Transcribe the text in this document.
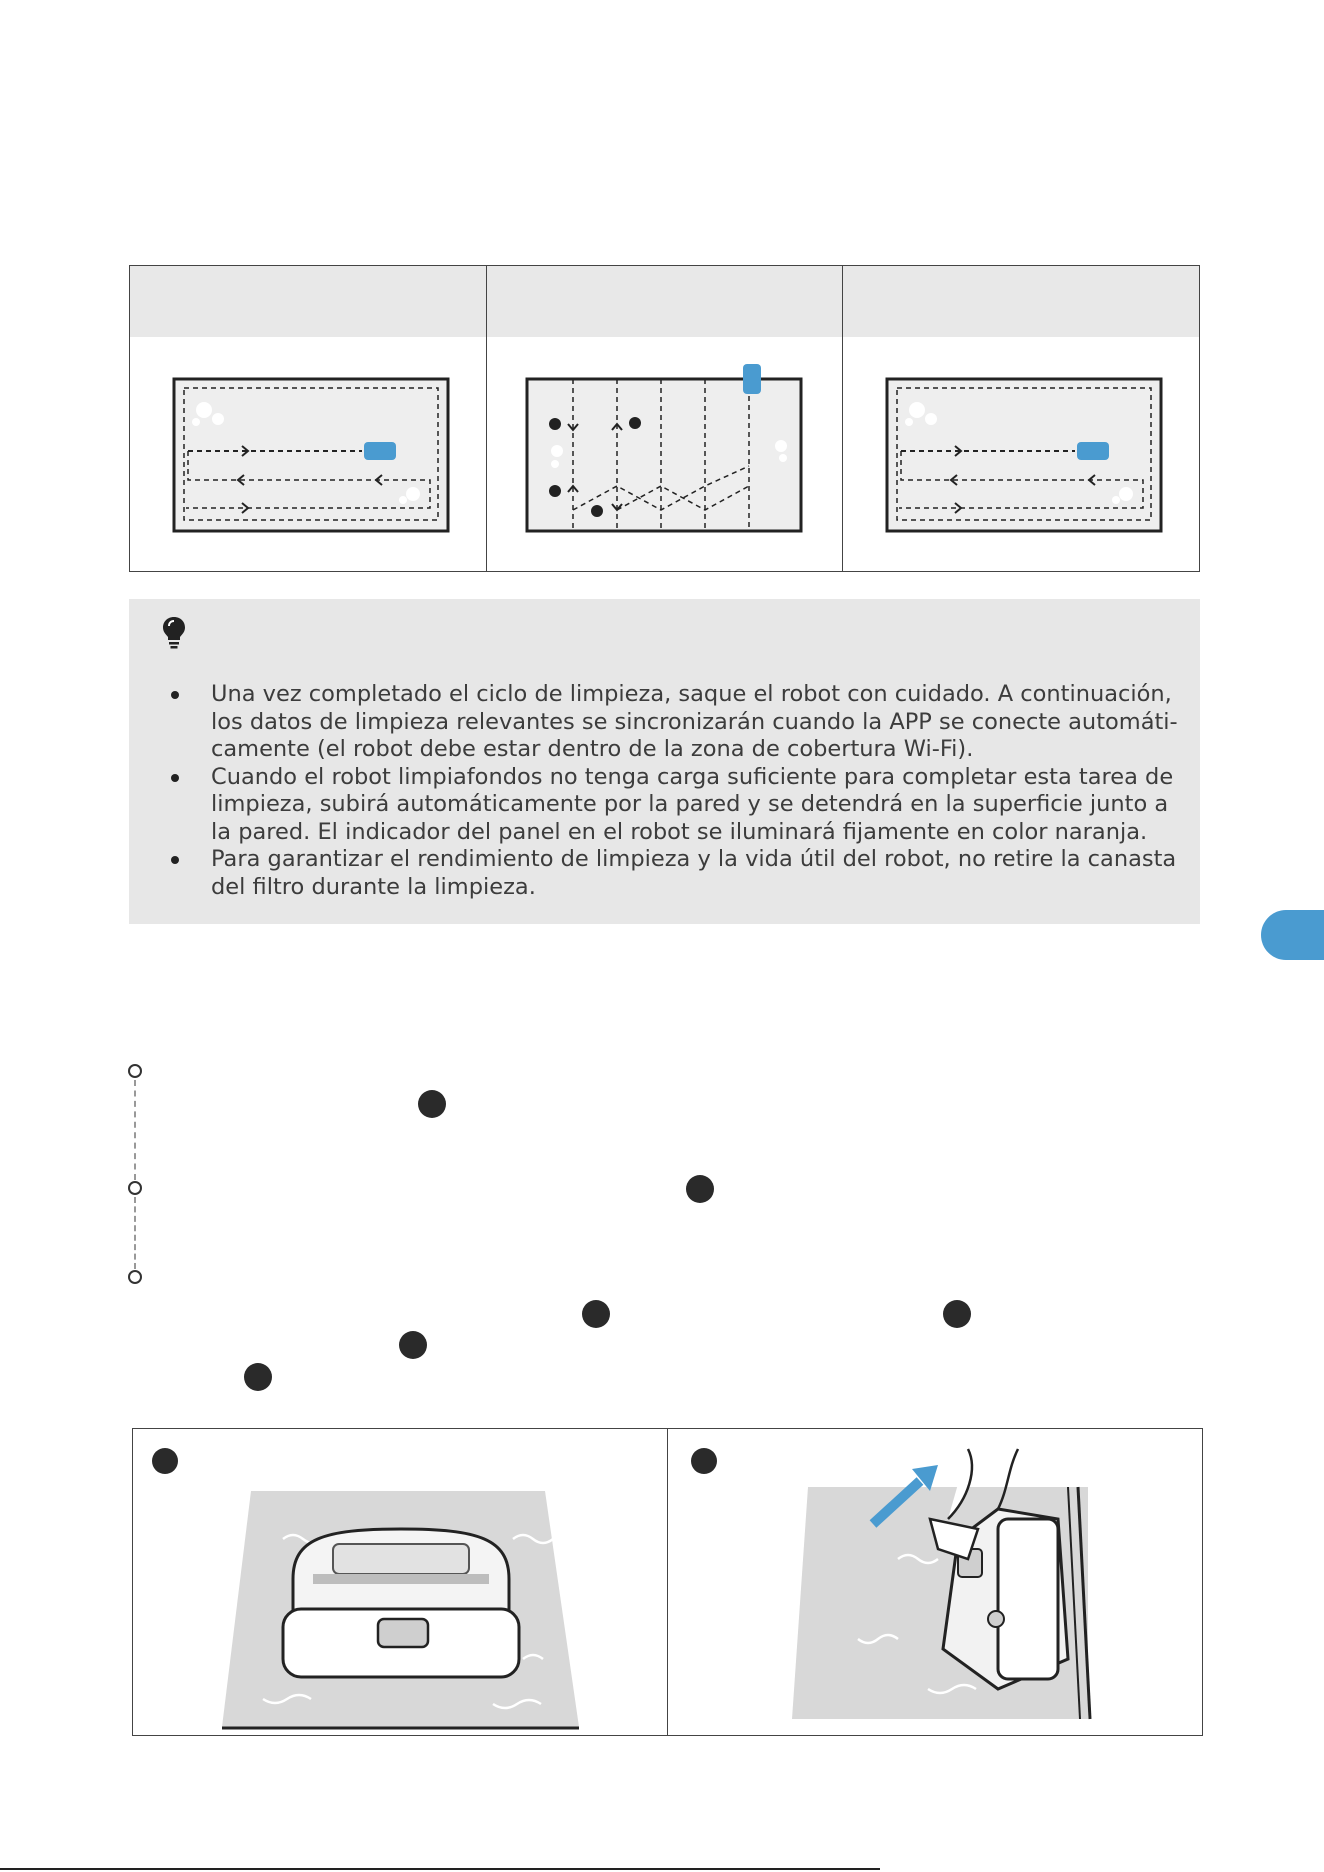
Una vez completado el ciclo de limpieza, saque el robot con cuidado. A continuación, los datos de limpieza relevantes se sincronizarán cuando la APP se conecte automáti-camente (el robot debe estar dentro de la zona de cobertura Wi-Fi).
Cuando el robot limpiafondos no tenga carga suficiente para completar esta tarea de limpieza, subirá automáticamente por la pared y se detendrá en la superficie junto a la pared. El indicador del panel en el robot se iluminará fijamente en color naranja.
Para garantizar el rendimiento de limpieza y la vida útil del robot, no retire la canasta del filtro durante la limpieza.
